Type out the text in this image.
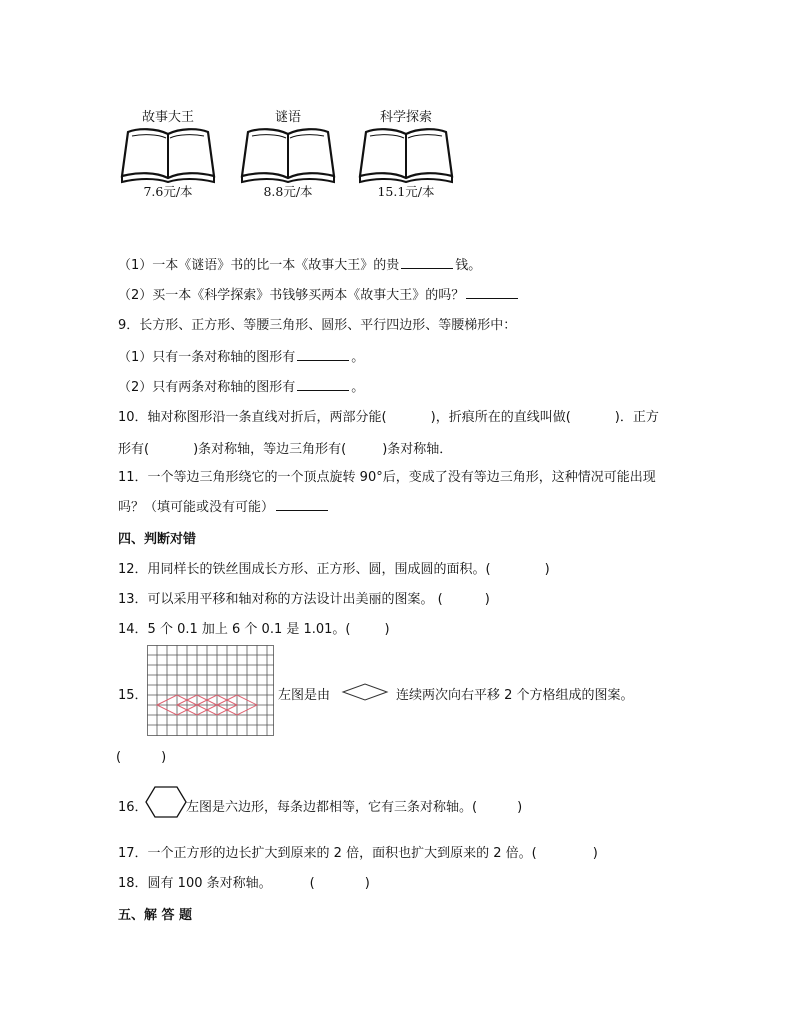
故事大王
7.6元/本
谜语
8.8元/本
科学探索
15.1元/本
（1）一本《谜语》书的比一本《故事大王》的贵	钱。
（2）买一本《科学探索》书钱够买两本《故事大王》的吗？
9．长方形、正方形、等腰三角形、圆形、平行四边形、等腰梯形中：
（1）只有一条对称轴的图形有	。
（2）只有两条对称轴的图形有	。
10．轴对称图形沿一条直线对折后，两部分能(	)，折痕所在的直线叫做(	)．正方
形有(	)条对称轴，等边三角形有(	)条对称轴．
11．一个等边三角形绕它的一个顶点旋转 90°后，变成了没有等边三角形，这种情况可能出现
吗？（填可能或没有可能）
四、判断对错
12．用同样长的铁丝围成长方形、正方形、圆，围成圆的面积。(	)
13．可以采用平移和轴对称的方法设计出美丽的图案。 (	)
14．5 个 0.1 加上 6 个 0.1 是 1.01。(	)
15．	左图是由	连续两次向右平移 2 个方格组成的图案。
(	)
16．	左图是六边形，每条边都相等，它有三条对称轴。(	)
17．一个正方形的边长扩大到原来的 2 倍，面积也扩大到原来的 2 倍。(	)
18．圆有 100 条对称轴。	(	)
五、解 答 题
